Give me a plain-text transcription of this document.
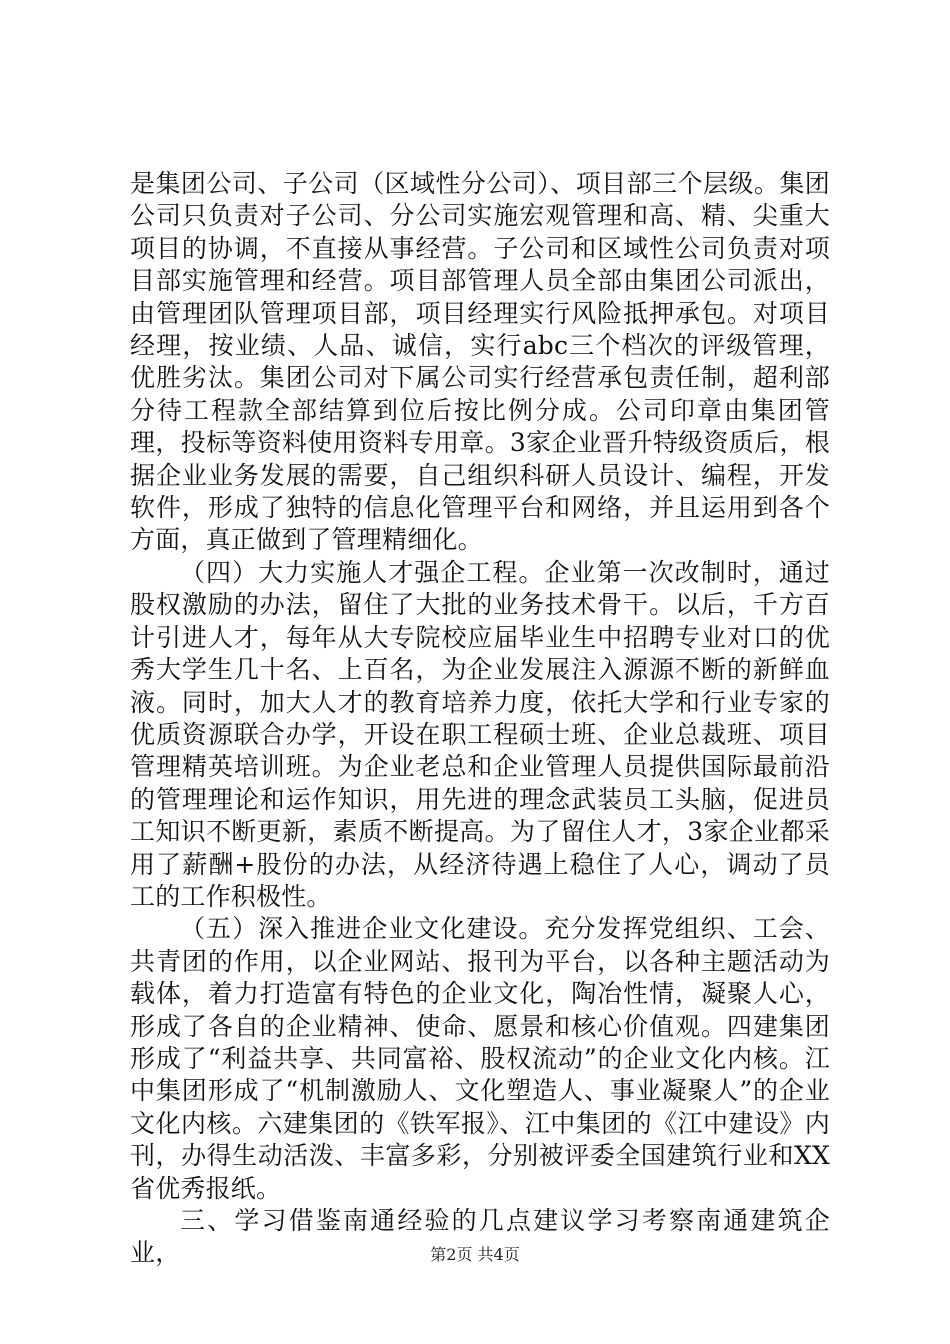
是集团公司、子公司（区域性分公司）、项目部三个层级。集团公司只负责对子公司、分公司实施宏观管理和高、精、尖重大项目的协调，不直接从事经营。子公司和区域性公司负责对项目部实施管理和经营。项目部管理人员全部由集团公司派出，由管理团队管理项目部，项目经理实行风险抵押承包。对项目经理，按业绩、人品、诚信，实行abc三个档次的评级管理，优胜劣汰。集团公司对下属公司实行经营承包责任制，超利部分待工程款全部结算到位后按比例分成。公司印章由集团管理，投标等资料使用资料专用章。3家企业晋升特级资质后，根据企业业务发展的需要，自己组织科研人员设计、编程，开发软件，形成了独特的信息化管理平台和网络，并且运用到各个方面，真正做到了管理精细化。

（四）大力实施人才强企工程。企业第一次改制时，通过股权激励的办法，留住了大批的业务技术骨干。以后，千方百计引进人才，每年从大专院校应届毕业生中招聘专业对口的优秀大学生几十名、上百名，为企业发展注入源源不断的新鲜血液。同时，加大人才的教育培养力度，依托大学和行业专家的优质资源联合办学，开设在职工程硕士班、企业总裁班、项目管理精英培训班。为企业老总和企业管理人员提供国际最前沿的管理理论和运作知识，用先进的理念武装员工头脑，促进员工知识不断更新，素质不断提高。为了留住人才，3家企业都采用了薪酬+股份的办法，从经济待遇上稳住了人心，调动了员工的工作积极性。

（五）深入推进企业文化建设。充分发挥党组织、工会、共青团的作用，以企业网站、报刊为平台，以各种主题活动为载体，着力打造富有特色的企业文化，陶冶性情，凝聚人心，形成了各自的企业精神、使命、愿景和核心价值观。四建集团形成了“利益共享、共同富裕、股权流动”的企业文化内核。江中集团形成了“机制激励人、文化塑造人、事业凝聚人”的企业文化内核。六建集团的《铁军报》、江中集团的《江中建设》内刊，办得生动活泼、丰富多彩，分别被评委全国建筑行业和XX省优秀报纸。

三、学习借鉴南通经验的几点建议学习考察南通建筑企业，	第2页 共4页
